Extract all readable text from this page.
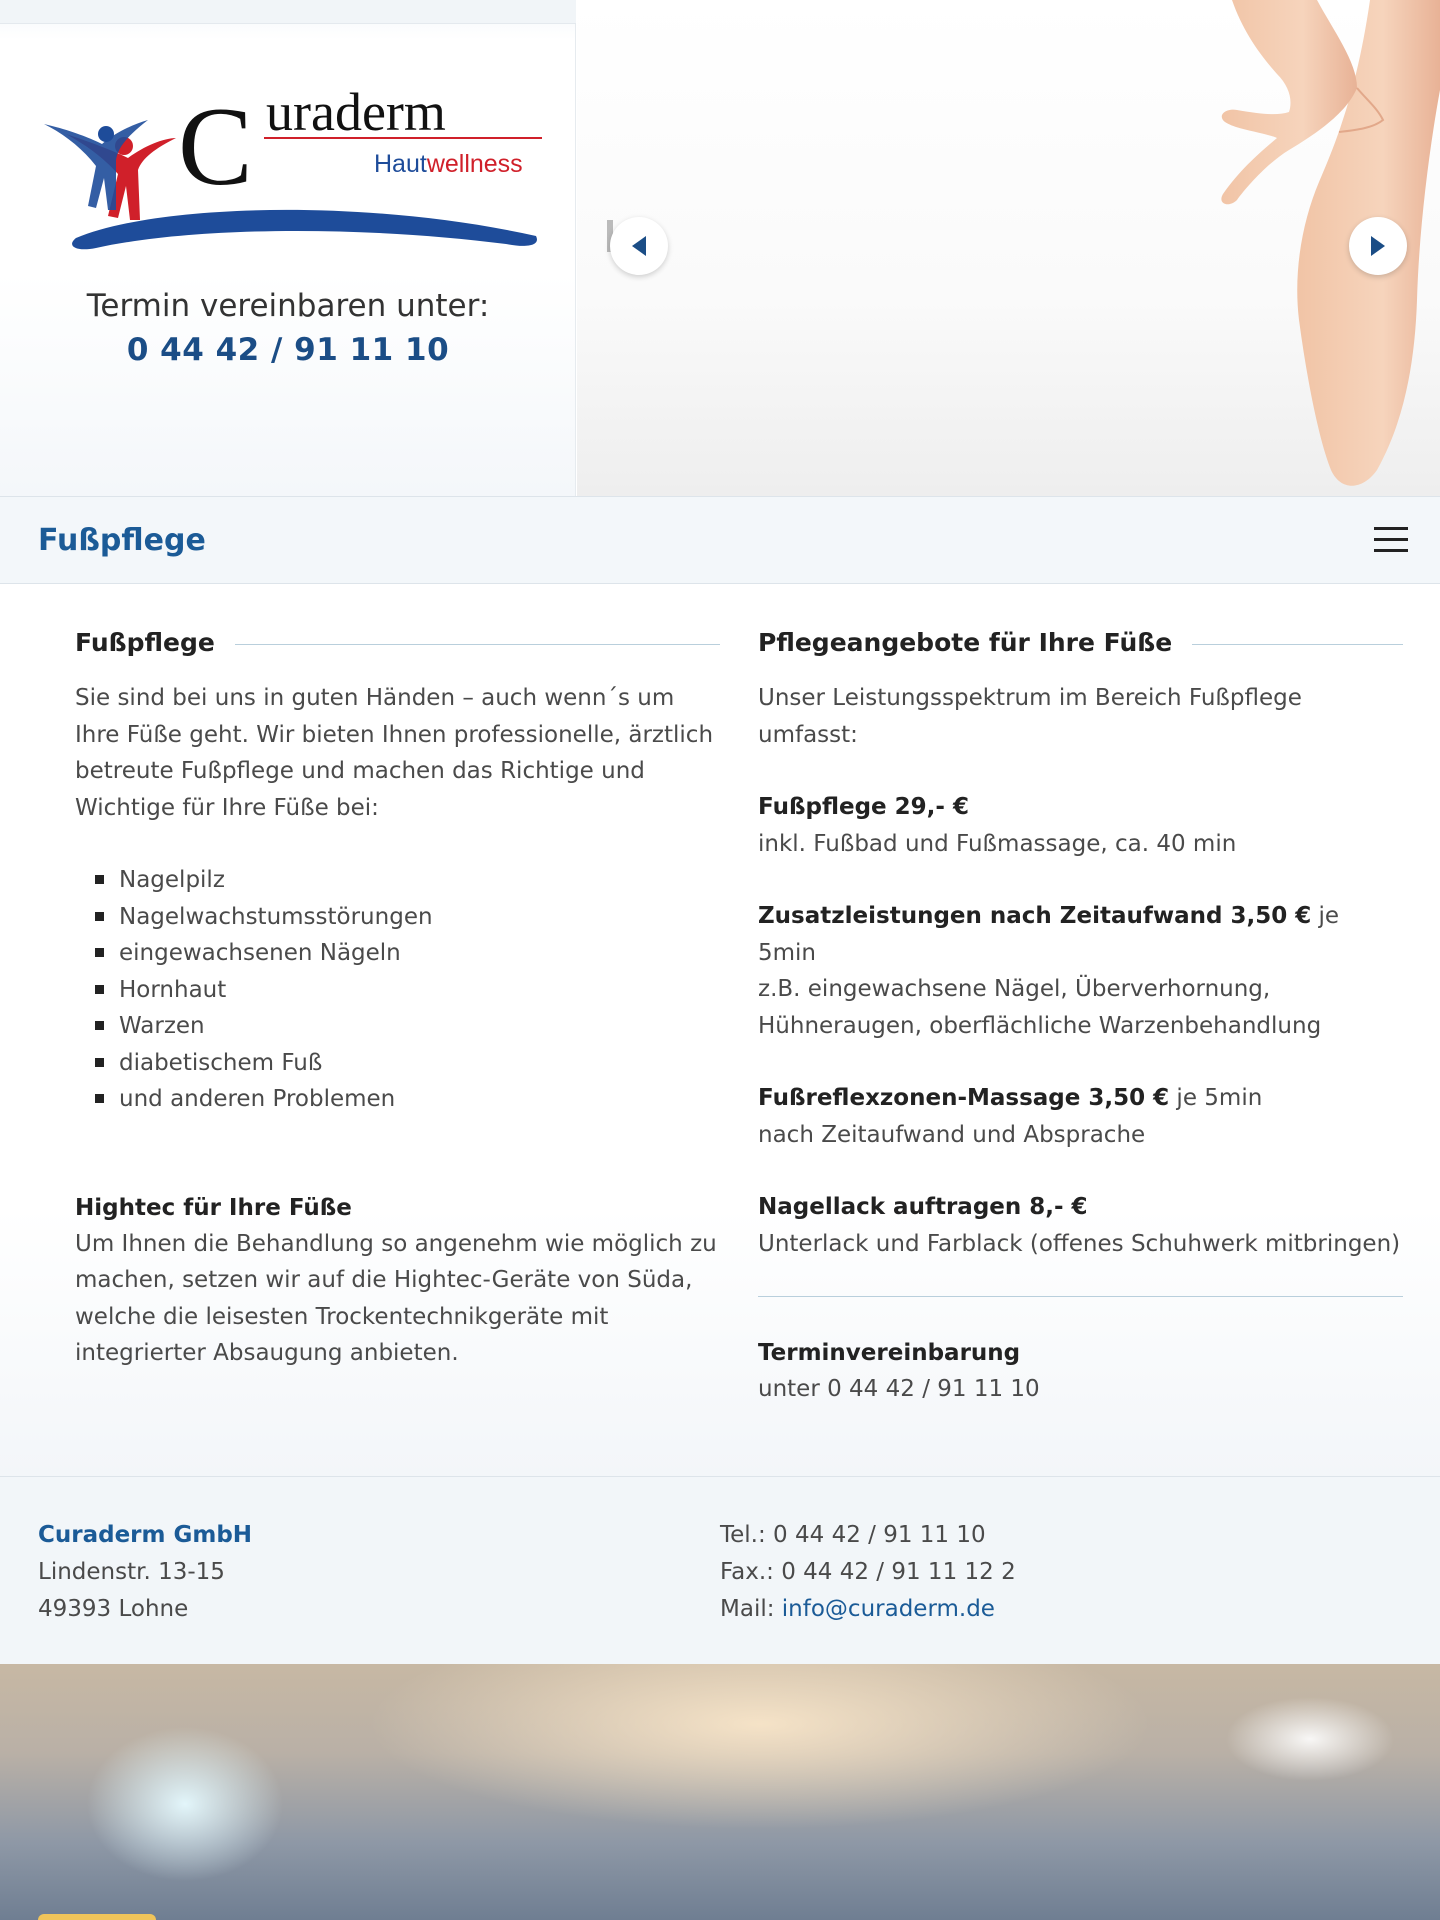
C uraderm
Hautwellness
Termin vereinbaren unter:
0 44 42 / 91 11 10
Fußpflege
Fußpflege

Sie sind bei uns in guten Händen – auch wenn´s um Ihre Füße geht. Wir bieten Ihnen professionelle, ärztlich betreute Fußpflege und machen das Richtige und Wichtige für Ihre Füße bei:

Nagelpilz
Nagelwachstumsstörungen
eingewachsenen Nägeln
Hornhaut
Warzen
diabetischem Fuß
und anderen Problemen
Hightec für Ihre Füße

Um Ihnen die Behandlung so angenehm wie möglich zu machen, setzen wir auf die Hightec-Geräte von Süda, welche die leisesten Trockentechnikgeräte mit integrierter Absaugung anbieten.

Pflegeangebote für Ihre Füße

Unser Leistungsspektrum im Bereich Fußpflege umfasst:

Fußpflege 29,- €

inkl. Fußbad und Fußmassage, ca. 40 min

Zusatzleistungen nach Zeitaufwand 3,50 € je 5min

z.B. eingewachsene Nägel, Überverhornung, Hühneraugen, oberflächliche Warzenbehandlung

Fußreflexzonen-Massage 3,50 € je 5min

nach Zeitaufwand und Absprache

Nagellack auftragen 8,- €

Unterlack und Farblack (offenes Schuhwerk mitbringen)

Terminvereinbarung

unter 0 44 42 / 91 11 10

Curaderm GmbH
Lindenstr. 13-15
49393 Lohne
Tel.: 0 44 42 / 91 11 10
Fax.: 0 44 42 / 91 11 12 2
Mail: info@curaderm.de
